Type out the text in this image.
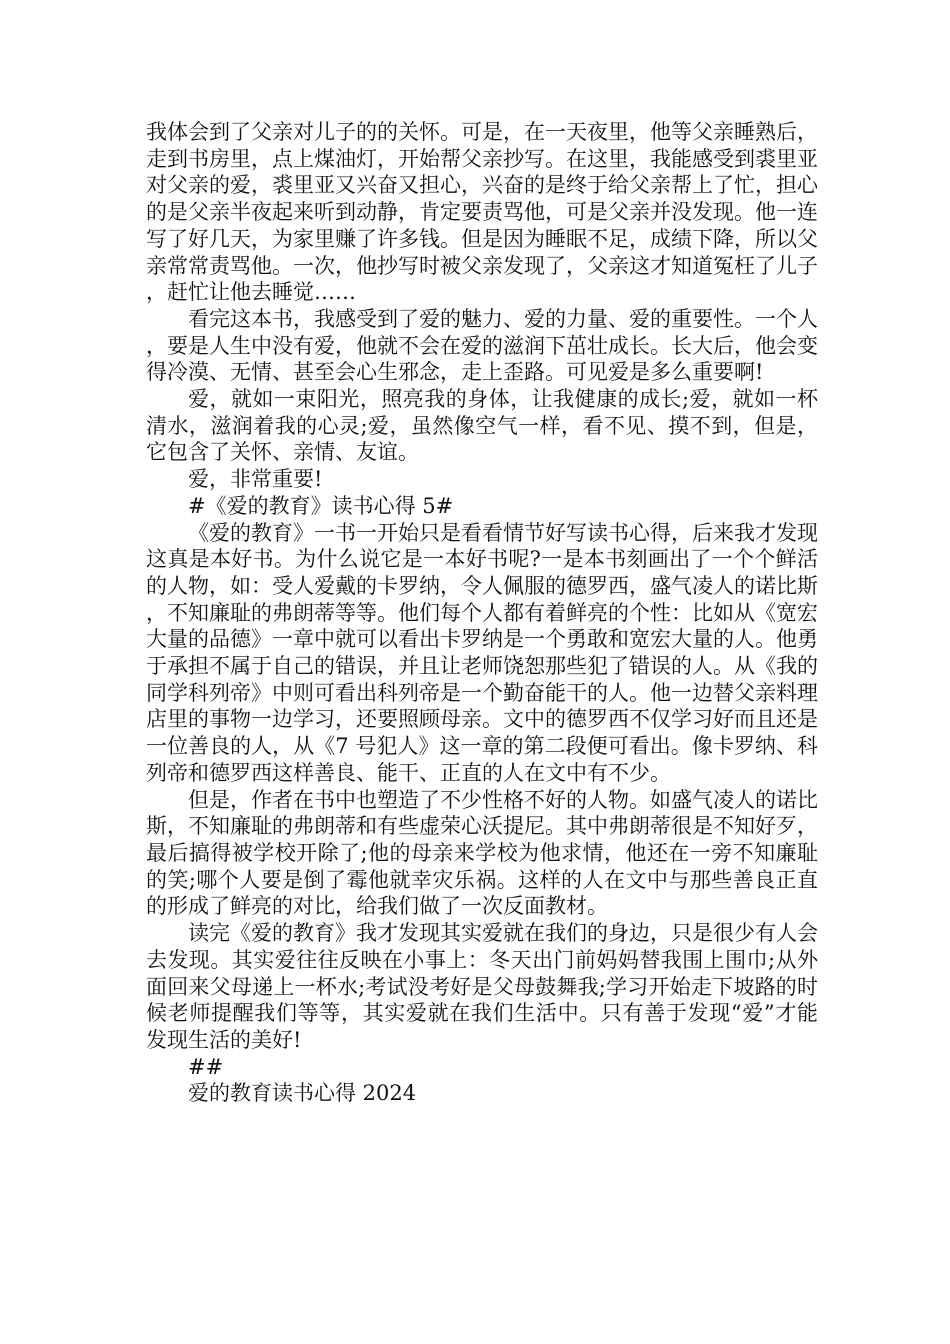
我体会到了父亲对儿子的的关怀。可是，在一天夜里，他等父亲睡熟后，走到书房里，点上煤油灯，开始帮父亲抄写。在这里，我能感受到裘里亚对父亲的爱，裘里亚又兴奋又担心，兴奋的是终于给父亲帮上了忙，担心的是父亲半夜起来听到动静，肯定要责骂他，可是父亲并没发现。他一连写了好几天，为家里赚了许多钱。但是因为睡眠不足，成绩下降，所以父亲常常责骂他。一次，他抄写时被父亲发现了，父亲这才知道冤枉了儿子，赶忙让他去睡觉……

看完这本书，我感受到了爱的魅力、爱的力量、爱的重要性。一个人，要是人生中没有爱，他就不会在爱的滋润下茁壮成长。长大后，他会变得冷漠、无情、甚至会心生邪念，走上歪路。可见爱是多么重要啊!

爱，就如一束阳光，照亮我的身体，让我健康的成长;爱，就如一杯清水，滋润着我的心灵;爱，虽然像空气一样，看不见、摸不到，但是，它包含了关怀、亲情、友谊。

爱，非常重要!

#《爱的教育》读书心得 5#

《爱的教育》一书一开始只是看看情节好写读书心得，后来我才发现这真是本好书。为什么说它是一本好书呢?一是本书刻画出了一个个鲜活的人物，如：受人爱戴的卡罗纳，令人佩服的德罗西，盛气凌人的诺比斯，不知廉耻的弗朗蒂等等。他们每个人都有着鲜亮的个性：比如从《宽宏大量的品德》一章中就可以看出卡罗纳是一个勇敢和宽宏大量的人。他勇于承担不属于自己的错误，并且让老师饶恕那些犯了错误的人。从《我的同学科列帝》中则可看出科列帝是一个勤奋能干的人。他一边替父亲料理店里的事物一边学习，还要照顾母亲。文中的德罗西不仅学习好而且还是一位善良的人，从《7 号犯人》这一章的第二段便可看出。像卡罗纳、科列帝和德罗西这样善良、能干、正直的人在文中有不少。

但是，作者在书中也塑造了不少性格不好的人物。如盛气凌人的诺比斯，不知廉耻的弗朗蒂和有些虚荣心沃提尼。其中弗朗蒂很是不知好歹，最后搞得被学校开除了;他的母亲来学校为他求情，他还在一旁不知廉耻的笑;哪个人要是倒了霉他就幸灾乐祸。这样的人在文中与那些善良正直的形成了鲜亮的对比，给我们做了一次反面教材。

读完《爱的教育》我才发现其实爱就在我们的身边，只是很少有人会去发现。其实爱往往反映在小事上：冬天出门前妈妈替我围上围巾;从外面回来父母递上一杯水;考试没考好是父母鼓舞我;学习开始走下坡路的时候老师提醒我们等等，其实爱就在我们生活中。只有善于发现“爱”才能发现生活的美好!

##

爱的教育读书心得 2024
